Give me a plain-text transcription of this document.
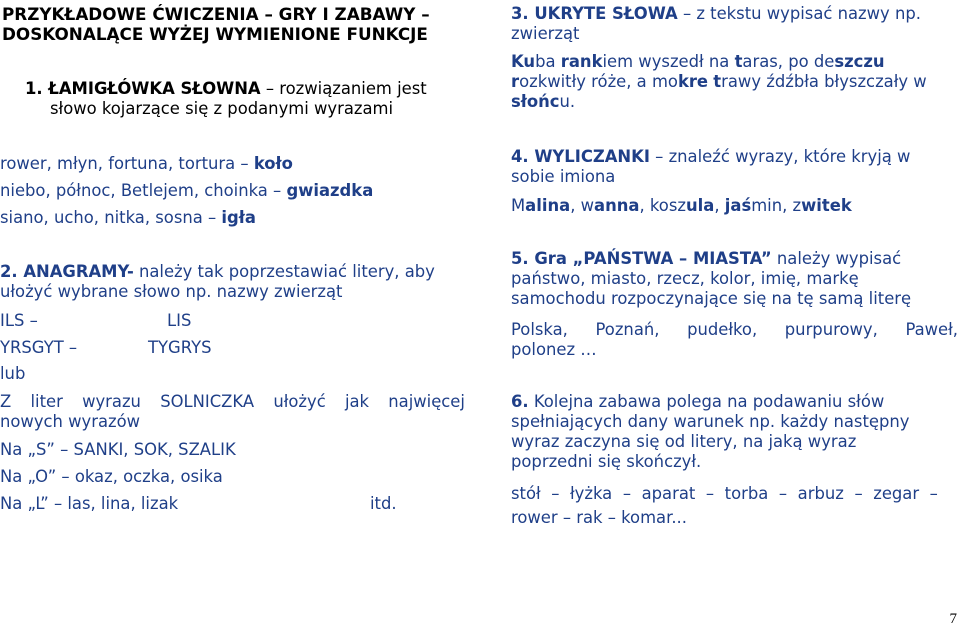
PRZYKŁADOWE ĆWICZENIA – GRY I ZABAWY –
DOSKONALĄCE WYŻEJ WYMIENIONE FUNKCJE
1. ŁAMIGŁÓWKA SŁOWNA – rozwiązaniem jest
słowo kojarzące się z podanymi wyrazami
rower, młyn, fortuna, tortura – koło
niebo, północ, Betlejem, choinka – gwiazdka
siano, ucho, nitka, sosna – igła
2. ANAGRAMY- należy tak poprzestawiać litery, aby
ułożyć wybrane słowo np. nazwy zwierząt
ILS –	LIS
YRSGYT –	TYGRYS
lub
Z liter wyrazu SOLNICZKA ułożyć jak najwięcej
nowych wyrazów
Na „S” – SANKI, SOK, SZALIK
Na „O” – okaz, oczka, osika
Na „L” – las, lina, lizak	itd.
3. UKRYTE SŁOWA – z tekstu wypisać nazwy np.
zwierząt
Kuba rankiem wyszedł na taras, po deszczu
rozkwitły róże, a mokre trawy źdźbła błyszczały w
słońcu.
4. WYLICZANKI – znaleźć wyrazy, które kryją w
sobie imiona
Malina, wanna, koszula, jaśmin, zwitek
5. Gra „PAŃSTWA – MIASTA” należy wypisać
państwo, miasto, rzecz, kolor, imię, markę
samochodu rozpoczynające się na tę samą literę
Polska, Poznań, pudełko, purpurowy, Paweł,
polonez …
6. Kolejna zabawa polega na podawaniu słów
spełniających dany warunek np. każdy następny
wyraz zaczyna się od litery, na jaką wyraz
poprzedni się skończył.
stół – łyżka – aparat – torba – arbuz – zegar –
rower – rak – komar...
7
